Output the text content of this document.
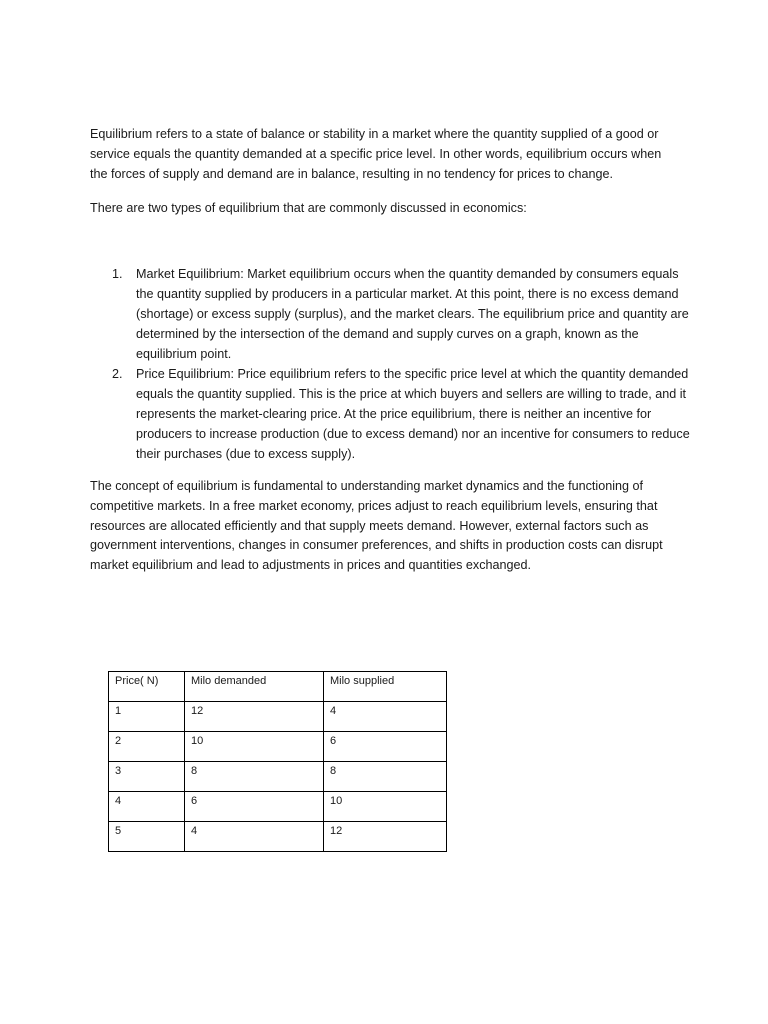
Equilibrium refers to a state of balance or stability in a market where the quantity supplied of a good or service equals the quantity demanded at a specific price level. In other words, equilibrium occurs when the forces of supply and demand are in balance, resulting in no tendency for prices to change.

There are two types of equilibrium that are commonly discussed in economics:

1. Market Equilibrium: Market equilibrium occurs when the quantity demanded by consumers equals the quantity supplied by producers in a particular market. At this point, there is no excess demand (shortage) or excess supply (surplus), and the market clears. The equilibrium price and quantity are determined by the intersection of the demand and supply curves on a graph, known as the equilibrium point.
2. Price Equilibrium: Price equilibrium refers to the specific price level at which the quantity demanded equals the quantity supplied. This is the price at which buyers and sellers are willing to trade, and it represents the market-clearing price. At the price equilibrium, there is neither an incentive for producers to increase production (due to excess demand) nor an incentive for consumers to reduce their purchases (due to excess supply).

The concept of equilibrium is fundamental to understanding market dynamics and the functioning of competitive markets. In a free market economy, prices adjust to reach equilibrium levels, ensuring that resources are allocated efficiently and that supply meets demand. However, external factors such as government interventions, changes in consumer preferences, and shifts in production costs can disrupt market equilibrium and lead to adjustments in prices and quantities exchanged.

Price( N)	Milo demanded	Milo supplied
1	12	4
2	10	6
3	8	8
4	6	10
5	4	12
